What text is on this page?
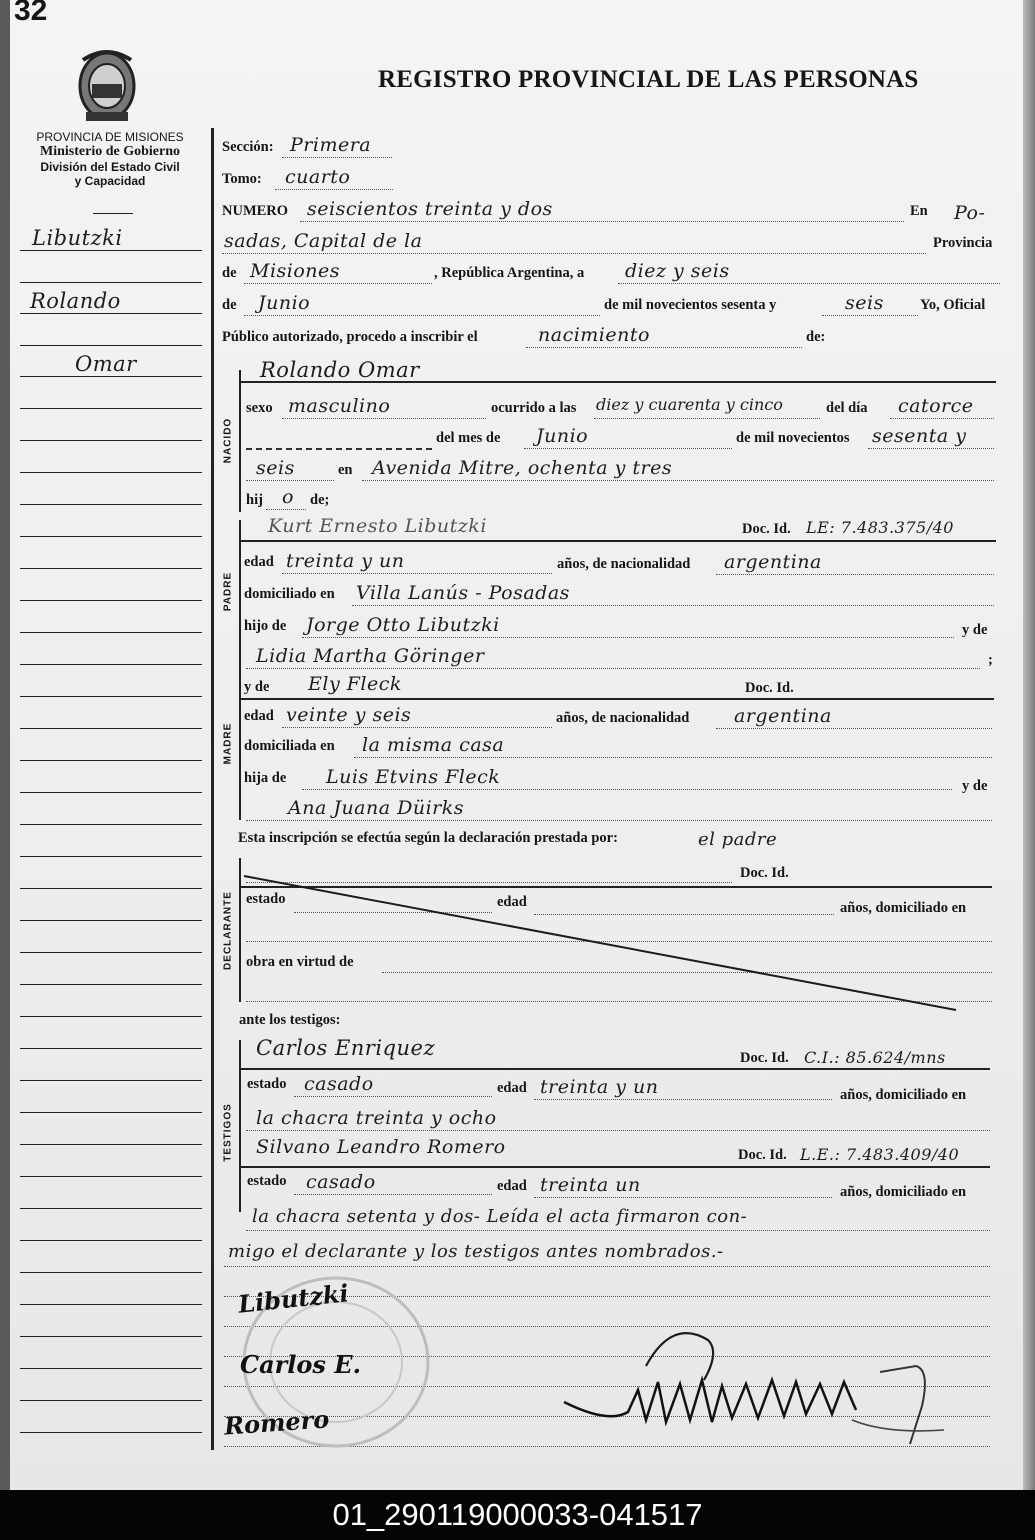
32
REGISTRO PROVINCIAL DE LAS PERSONAS
PROVINCIA DE MISIONES
Ministerio de Gobierno
División del Estado Civil
y Capacidad
Libutzki
Rolando
Omar
Sección: Primera
Tomo: cuarto
NUMERO seiscientos treinta y dos	En Po-
sadas, Capital de la	Provincia
de Misiones	, República Argentina, a diez y seis
de Junio	de mil novecientos sesenta y	seis Yo, Oficial
Público autorizado, procedo a inscribir el	nacimiento	de:
NACIDO
Rolando Omar
sexo masculino	ocurrido a las diez y cuarenta y cinco	del día catorce
del mes de Junio	de mil novecientos sesenta y
seis	en Avenida Mitre, ochenta y tres
hij o de;
PADRE
Kurt Ernesto Libutzki	Doc. Id. LE: 7.483.375/40
edad treinta y un	años, de nacionalidad argentina
domiciliado en Villa Lanús - Posadas
hijo de Jorge Otto Libutzki	y de
Lidia Martha Göringer	;
MADRE
y de Ely Fleck	Doc. Id.
edad veinte y seis	años, de nacionalidad argentina
domiciliada en la misma casa
hija de Luis Etvins Fleck	y de
Ana Juana Düirks
Esta inscripción se efectúa según la declaración prestada por:	el padre
DECLARANTE
Doc. Id.
estado	edad	años, domiciliado en
obra en virtud de
ante los testigos:
TESTIGOS
Carlos Enriquez	Doc. Id. C.I.: 85.624/mns
estado casado	edad treinta y un	años, domiciliado en
la chacra treinta y ocho
Silvano Leandro Romero	Doc. Id. L.E.: 7.483.409/40
estado casado	edad treinta un	años, domiciliado en
la chacra setenta y dos- Leída el acta firmaron con-
migo el declarante y los testigos antes nombrados.-
Libutzki
Carlos E.
Romero
01_290119000033-041517
